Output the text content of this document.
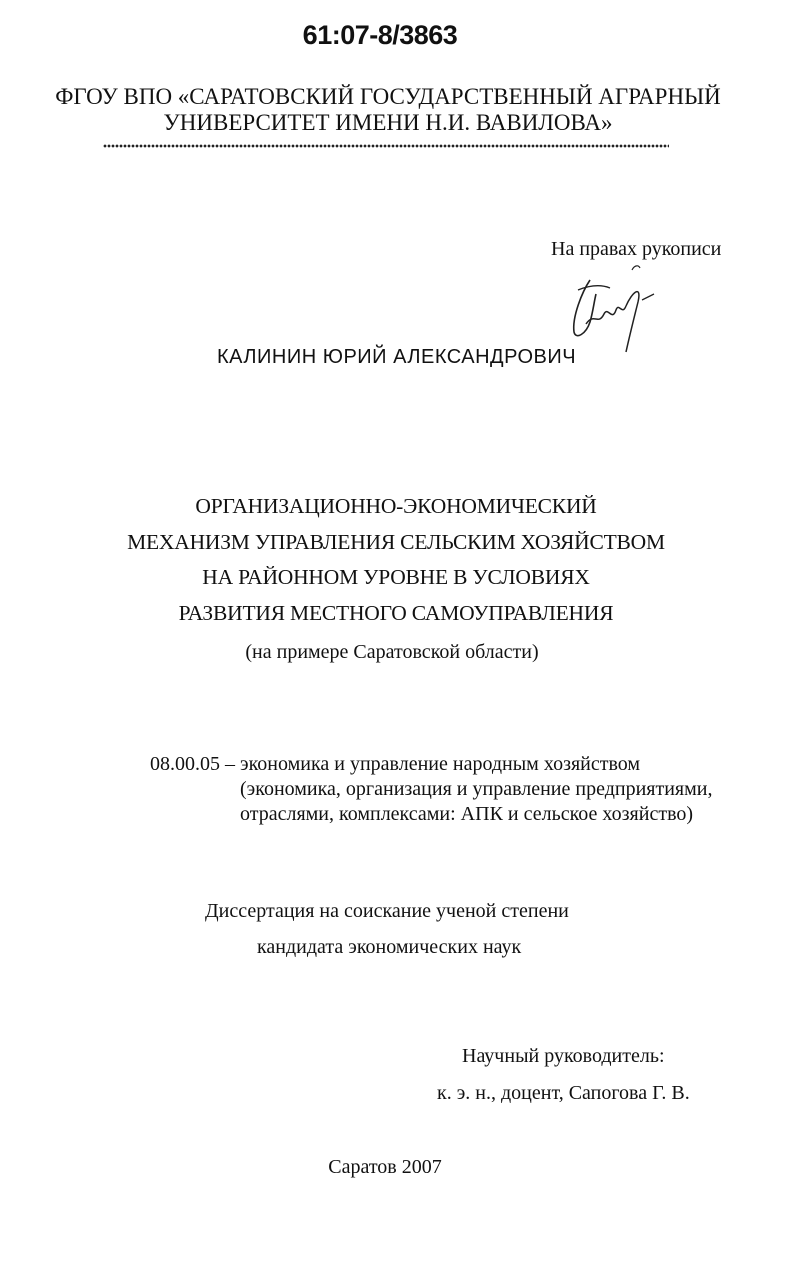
61:07-8/3863
ФГОУ ВПО «САРАТОВСКИЙ ГОСУДАРСТВЕННЫЙ АГРАРНЫЙ
УНИВЕРСИТЕТ ИМЕНИ Н.И. ВАВИЛОВА»
На правах рукописи
КАЛИНИН ЮРИЙ АЛЕКСАНДРОВИЧ
ОРГАНИЗАЦИОННО-ЭКОНОМИЧЕСКИЙ
МЕХАНИЗМ УПРАВЛЕНИЯ СЕЛЬСКИМ ХОЗЯЙСТВОМ
НА РАЙОННОМ УРОВНЕ В УСЛОВИЯХ
РАЗВИТИЯ МЕСТНОГО САМОУПРАВЛЕНИЯ
(на примере Саратовской области)
08.00.05 – экономика и управление народным хозяйством
(экономика, организация и управление предприятиями,
отраслями, комплексами: АПК и сельское хозяйство)
Диссертация на соискание ученой степени
кандидата экономических наук
Научный руководитель:
к. э. н., доцент, Сапогова Г. В.
Саратов 2007
